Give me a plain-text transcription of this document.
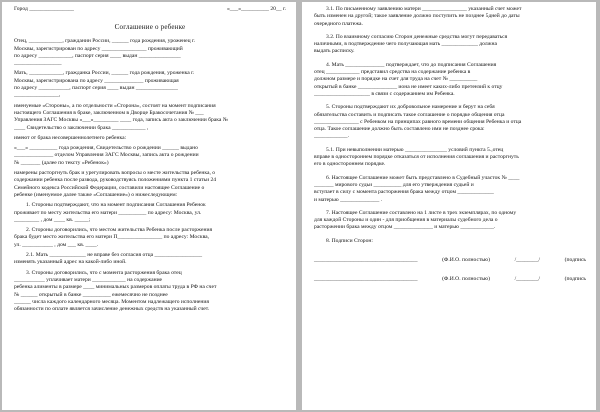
Город ________________	«___»__________ 20__ г.
Соглашение о ребенке

Отец, ____________, гражданин России, ______ года рождения, уроженец г.

Москвы, зарегистрирован по адресу ________________ проживающий

по адресу ____________, паспорт серия ____ выдан _______________

_________________

Мать, ____________, гражданка России, ______ года рождения, уроженка г.

Москвы, зарегистрирована по адресу ______________ проживающая

по адресу ___________, паспорт серия ____ выдан _______________

________________,

именуемые «Стороны», а по отдельности «Сторона», состоят на момент подписания

настоящего Соглашения в браке, заключенном в Дворце Бракосочетания № ___

Управления ЗАГС Москвы «___»_________ ____ года, запись акта о заключении брака №

____ Свидетельство о заключении брака ____________ ,

имеют от брака несовершеннолетнего ребенка:

«___» __________ года рождения, Свидетельство о рождении ______ выдано

______________ отделом Управления ЗАГС Москвы, запись акта о рождении

№ _______ (далее по тексту «Ребенок»)

намерены расторгнуть брак и урегулировать вопросы о месте жительства ребенка, о

содержании ребенка после развода, руководствуясь положениями пункта 1 статьи 24

Семейного кодекса Российской Федерации, составили настоящее Соглашение о

ребенке (именуемое далее также «Соглашение») о нижеследующем:

1. Стороны подтверждают, что на момент подписания Соглашения Ребенок

проживает по месту жительства его матери __________ по адресу: Москва, ул.

_________ , дом ____ кв. _____;

2. Стороны договорились, что местом жительства Ребенка после расторжения

брака будет место жительства его матери П________________ по адресу: Москва,

ул. ___________ , дом ___ кв. ____.

2.1. Мать _____________ не вправе без согласия отца _________________

изменять указанный адрес на какой-либо иной.

3. Стороны договорились, что с момента расторжения брака отец

___________ уплачивает матери ____________ на содержание

ребенка алименты в размере ____ минимальных размеров оплаты труда в РФ на счет

№ ______ открытый в банке __________ ежемесячно не позднее

______ числа каждого календарного месяца. Моментом надлежащего исполнения

обязанности по оплате является зачисление денежных средств на указанный счет.

3.1. По письменному заявлению матери ________________ указанный счет может

быть изменен на другой; такое заявление должно поступить не позднее 5дней до даты

очередного платежа.

3.2. По взаимному согласию Сторон денежные средства могут передаваться

наличными, в подтверждение чего получающая мать _____________ должна

выдать расписку.

4. Мать ______________ подтверждает, что до подписания Соглашения

отец ____________ представил средства на содержание ребенка в

должном размере и порядке на счет для труда на счет № __________

открытый в банке ______________ иона не имеет каких-либо претензий к отцу

____________________ в связи с содержанием им Ребенка.

5. Стороны подтверждают их добровольное намерение и берут на себя

обязательства составить и подписать такое соглашение о порядке общения отца

________________ с Ребенком на принципах равного времени общения Ребенка и отца

отца. Такое соглашение должно быть составлено ими не позднее срока:

____________.

5.1. При невыполнении матерью _______________ условий пункта 5.,отец

вправе в одностороннем порядке отказаться от исполнения соглашения и расторгнуть

его в одностороннем порядке.

6. Настоящее Соглашение может быть представлено в Судебный участок № ____

_______ мирового судьи __________ для его утверждения судьей и

вступает в силу с момента расторжения брака между отцом _____________

и матерью ______________ .

7. Настоящее Соглашение составлено на 1 листе в трех экземплярах, по одному

для каждой Стороны и один - для приобщения в материалы судебного дела о

расторжении брака между отцом ______________ и матерью ____________.

8. Подписи Сторон:

_____________________________________	(Ф.И.О. полностью)	/________/	(подпись
_____________________________________	(Ф.И.О. полностью)	/________/	(подпись
